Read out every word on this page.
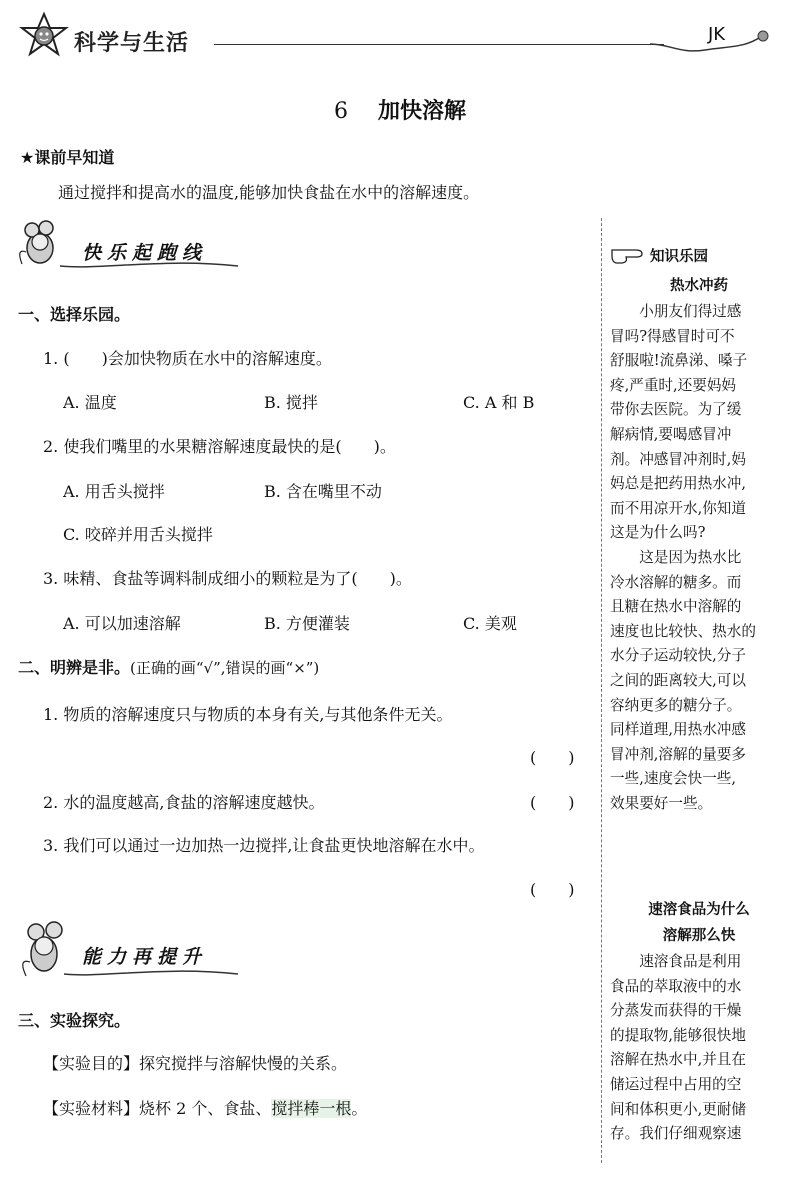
科学与生活	JK
6 加快溶解
★课前早知道
通过搅拌和提高水的温度,能够加快食盐在水中的溶解速度。
快乐起跑线
一、选择乐园。
1. (　　)会加快物质在水中的溶解速度。
A. 温度	B. 搅拌	C. A 和 B
2. 使我们嘴里的水果糖溶解速度最快的是(　　)。
A. 用舌头搅拌	B. 含在嘴里不动
C. 咬碎并用舌头搅拌
3. 味精、食盐等调料制成细小的颗粒是为了(　　)。
A. 可以加速溶解	B. 方便灌装	C. 美观
二、明辨是非。(正确的画“√”,错误的画“×”)
1. 物质的溶解速度只与物质的本身有关,与其他条件无关。
(　　)
2. 水的温度越高,食盐的溶解速度越快。	(　　)
3. 我们可以通过一边加热一边搅拌,让食盐更快地溶解在水中。
(　　)
能力再提升
三、实验探究。
【实验目的】探究搅拌与溶解快慢的关系。
【实验材料】烧杯 2 个、食盐、搅拌棒一根。
知识乐园
热水冲药
　　小朋友们得过感
冒吗?得感冒时可不
舒服啦!流鼻涕、嗓子
疼,严重时,还要妈妈
带你去医院。为了缓
解病情,要喝感冒冲
剂。冲感冒冲剂时,妈
妈总是把药用热水冲,
而不用凉开水,你知道
这是为什么吗?
　　这是因为热水比
冷水溶解的糖多。而
且糖在热水中溶解的
速度也比较快、热水的
水分子运动较快,分子
之间的距离较大,可以
容纳更多的糖分子。
同样道理,用热水冲感
冒冲剂,溶解的量要多
一些,速度会快一些,
效果要好一些。
速溶食品为什么
溶解那么快
　　速溶食品是利用
食品的萃取液中的水
分蒸发而获得的干燥
的提取物,能够很快地
溶解在热水中,并且在
储运过程中占用的空
间和体积更小,更耐储
存。我们仔细观察速
